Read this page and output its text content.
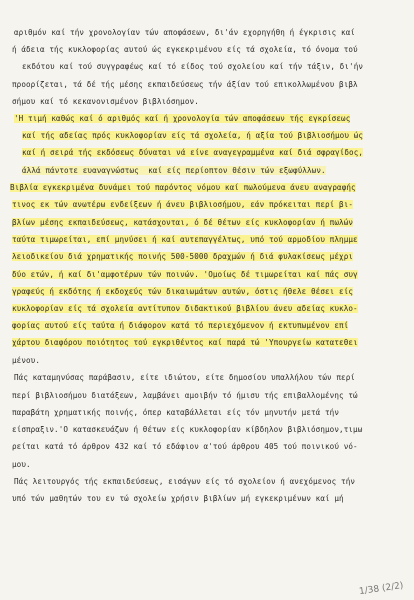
αριθμόν καί τήν χρονολογίαν τών αποφάσεων, δι'άν εχορηγήθη ή έγκρισις καί
ή άδεια τής κυκλοφορίας αυτού ώς εγκεκριμένου είς τά σχολεία, τό όνομα τού
εκδότου καί τού συγγραφέως καί τό είδος τού σχολείου καί τήν τάξιν, δι'ήν
προορίζεται, τά δέ τής μέσης εκπαιδεύσεως τήν άξίαν τού επικολλωμένου βιβλ
σήμου καί τό κεκανονισμένον βιβλιόσημον.
'Η τιμή καθώς καί ό αριθμός καί ή χρονολογία τών αποφάσεων τής εγκρίσεως
καί τής αδείας πρός κυκλοφορίαν είς τά σχολεία, ή αξία τού βιβλιοσήμου ώς
καί ή σειρά τής εκδόσεως δύναται νά είνε αναγεγραμμένα καί διά σφραγίδος,
άλλά πάντοτε ευαναγνώστως  καί είς περίοπτον θέσιν τών εξωφύλλων.
Βιβλία εγκεκριμένα δυνάμει τού παρόντος νόμου καί πωλούμενα άνευ αναγραφής
τινος εκ τών ανωτέρω ενδείξεων ή άνευ βιβλιοσήμου, εάν πρόκειται περί βι-
βλίων μέσης εκπαιδεύσεως, κατάσχονται, ό δέ θέτων είς κυκλοφορίαν ή πωλών
ταύτα τιμωρείται, επί μηνύσει ή καί αυτεπαγγέλτως, υπό τού αρμοδίου πλημμε
λειοδικείου διά χρηματικής ποινής 500-5000 δραχμών ή διά φυλακίσεως μέχρι
δύο ετών, ή καί δι'αμφοτέρων τών ποινών. 'Ομοίως δέ τιμωρείται καί πάς συγ
γραφεύς ή εκδότης ή εκδοχεύς τών δικαιωμάτων αυτών, όστις ήθελε θέσει είς
κυκλοφορίαν είς τά σχολεία αντίτυπον διδακτικού βιβλίου άνευ αδείας κυκλο-
φορίας αυτού είς ταύτα ή διάφορον κατά τό περιεχόμενον ή εκτυπωμένον επί
χάρτου διαφόρου ποιότητος τού εγκριθέντος καί παρά τώ 'Υπουργείω κατατεθει
μένου.
Πάς καταμηνύσας παράβασιν, είτε ιδιώτου, είτε δημοσίου υπαλλήλου τών περί
περί βιβλιοσήμου διατάξεων, λαμβάνει αμοιβήν τό ήμισυ τής επιβαλλομένης τώ
παραβάτη χρηματικής ποινής, όπερ καταβάλλεται είς τόν μηνυτήν μετά τήν
είσπραξιν.'Ο κατασκευάζων ή θέτων είς κυκλοφορίαν κίβδηλον βιβλιόσημον,τιμω
ρείται κατά τό άρθρον 432 καί τό εδάφιον α'τού άρθρου 405 τού ποινικού νό-
μου.
Πάς λειτουργός τής εκπαιδεύσεως, εισάγων είς τό σχολείον ή ανεχόμενος τήν
υπό τών μαθητών του εν τώ σχολείω χρήσιν βιβλίων μή εγκεκριμένων καί μή
1/38 (2/2)
